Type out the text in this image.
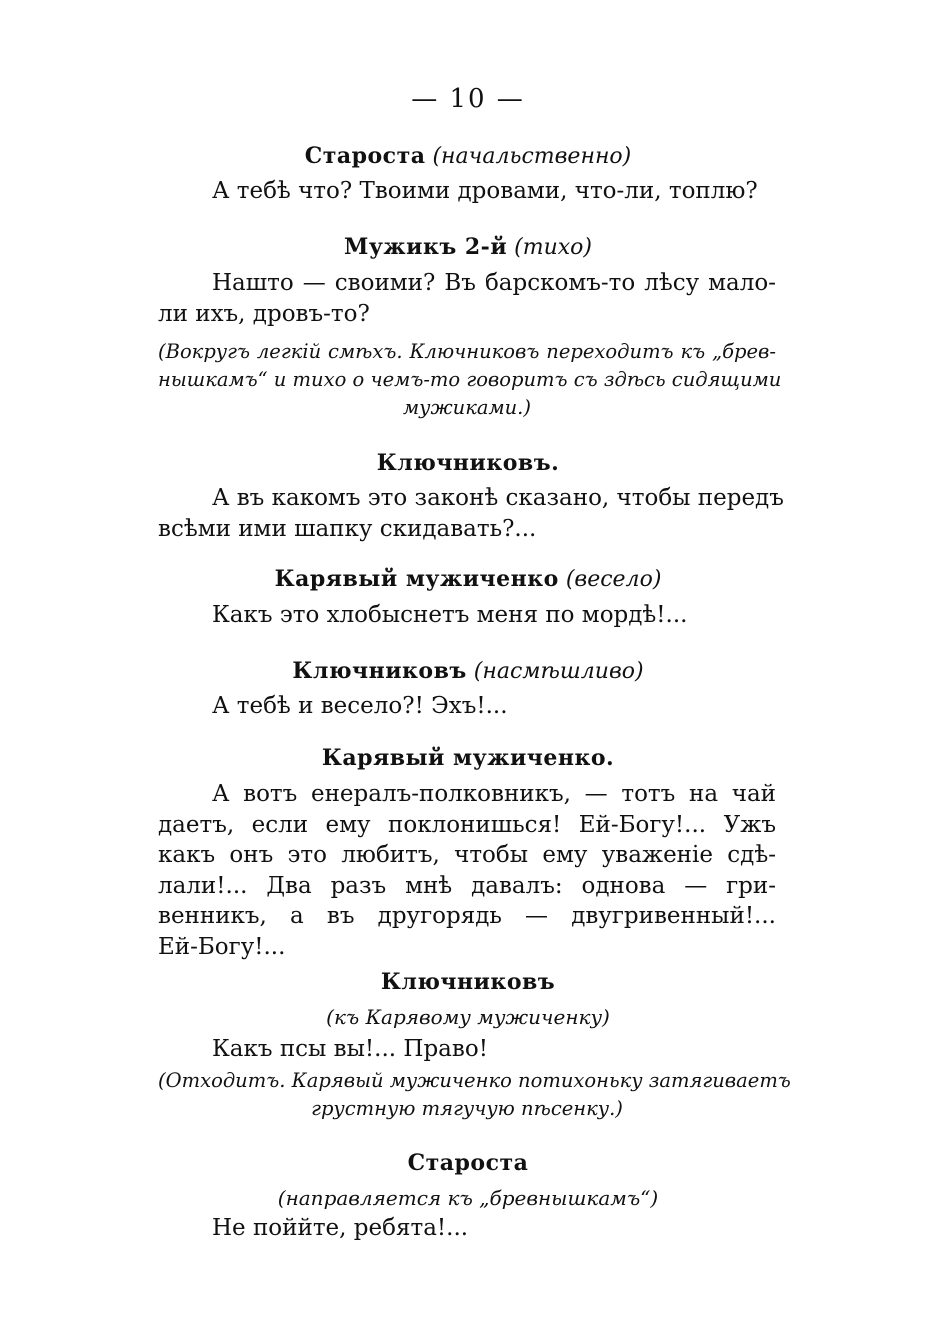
— 10 —
Староста (начальственно)
А тебѣ что? Твоими дровами, что-ли, топлю?
Мужикъ 2-й (тихо)
Нашто — своими? Въ барскомъ-то лѣсу мало-
ли ихъ, дровъ-то?
(Вокругъ легкій смѣхъ. Ключниковъ переходитъ къ „брев-
нышкамъ“ и тихо о чемъ-то говоритъ съ здѣсь сидящими
мужиками.)
Ключниковъ.
А въ какомъ это законѣ сказано, чтобы передъ
всѣми ими шапку скидавать?...
Карявый мужиченко (весело)
Какъ это хлобыснетъ меня по мордѣ!...
Ключниковъ (насмѣшливо)
А тебѣ и весело?! Эхъ!...
Карявый мужиченко.
А вотъ енералъ-полковникъ, — тотъ на чай
даетъ, если ему поклонишься! Ей-Богу!... Ужъ
какъ онъ это любитъ, чтобы ему уваженіе сдѣ-
лали!... Два разъ мнѣ давалъ: однова — гри-
венникъ, а въ другорядь — двугривенный!...
Ей-Богу!...
Ключниковъ
(къ Карявому мужиченку)
Какъ псы вы!... Право!
(Отходитъ. Карявый мужиченко потихоньку затягиваетъ
грустную тягучую пѣсенку.)
Староста
(направляется къ „бревнышкамъ“)
Не поййте, ребята!...
